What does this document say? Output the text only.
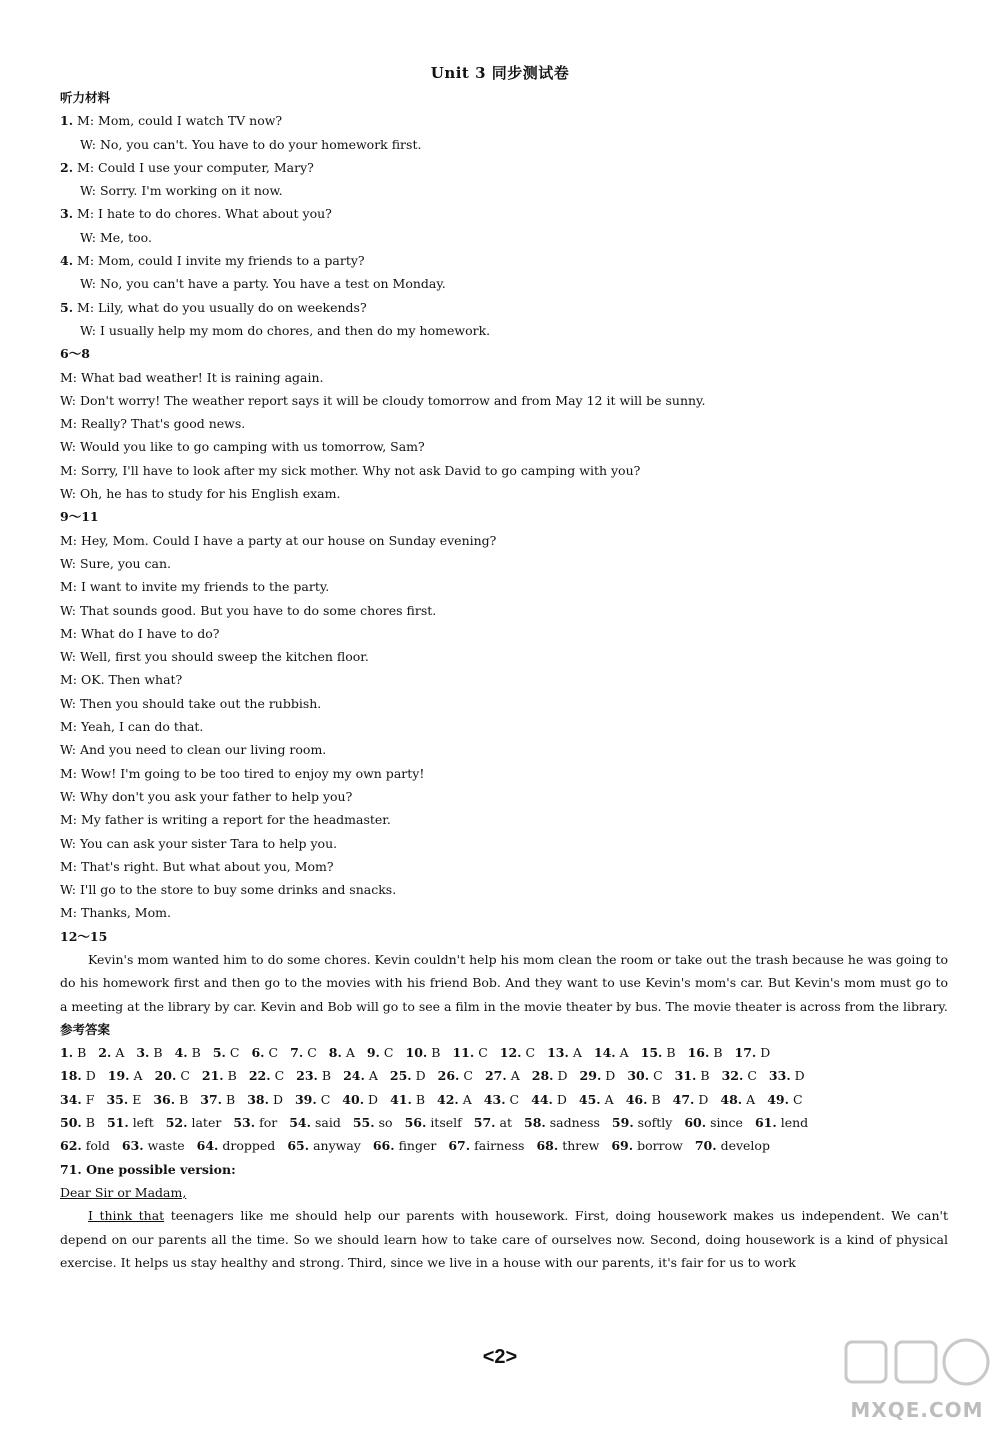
Unit 3 同步测试卷
听力材料
1. M: Mom, could I watch TV now?
W: No, you can't. You have to do your homework first.
2. M: Could I use your computer, Mary?
W: Sorry. I'm working on it now.
3. M: I hate to do chores. What about you?
W: Me, too.
4. M: Mom, could I invite my friends to a party?
W: No, you can't have a party. You have a test on Monday.
5. M: Lily, what do you usually do on weekends?
W: I usually help my mom do chores, and then do my homework.
6～8
M: What bad weather! It is raining again.
W: Don't worry! The weather report says it will be cloudy tomorrow and from May 12 it will be sunny.
M: Really? That's good news.
W: Would you like to go camping with us tomorrow, Sam?
M: Sorry, I'll have to look after my sick mother. Why not ask David to go camping with you?
W: Oh, he has to study for his English exam.
9～11
M: Hey, Mom. Could I have a party at our house on Sunday evening?
W: Sure, you can.
M: I want to invite my friends to the party.
W: That sounds good. But you have to do some chores first.
M: What do I have to do?
W: Well, first you should sweep the kitchen floor.
M: OK. Then what?
W: Then you should take out the rubbish.
M: Yeah, I can do that.
W: And you need to clean our living room.
M: Wow! I'm going to be too tired to enjoy my own party!
W: Why don't you ask your father to help you?
M: My father is writing a report for the headmaster.
W: You can ask your sister Tara to help you.
M: That's right. But what about you, Mom?
W: I'll go to the store to buy some drinks and snacks.
M: Thanks, Mom.
12～15

Kevin's mom wanted him to do some chores. Kevin couldn't help his mom clean the room or take out the trash because he was going to do his homework first and then go to the movies with his friend Bob. And they want to use Kevin's mom's car. But Kevin's mom must go to a meeting at the library by car. Kevin and Bob will go to see a film in the movie theater by bus. The movie theater is across from the library.

参考答案
1. B 2. A 3. B 4. B 5. C 6. C 7. C 8. A 9. C 10. B 11. C 12. C 13. A 14. A 15. B 16. B 17. D
18. D 19. A 20. C 21. B 22. C 23. B 24. A 25. D 26. C 27. A 28. D 29. D 30. C 31. B 32. C 33. D
34. F 35. E 36. B 37. B 38. D 39. C 40. D 41. B 42. A 43. C 44. D 45. A 46. B 47. D 48. A 49. C
50. B 51. left 52. later 53. for 54. said 55. so 56. itself 57. at 58. sadness 59. softly 60. since 61. lend
62. fold 63. waste 64. dropped 65. anyway 66. finger 67. fairness 68. threw 69. borrow 70. develop
71. One possible version:
Dear Sir or Madam,

I think that teenagers like me should help our parents with housework. First, doing housework makes us independent. We can't depend on our parents all the time. So we should learn how to take care of ourselves now. Second, doing housework is a kind of physical exercise. It helps us stay healthy and strong. Third, since we live in a house with our parents, it's fair for us to work

<2>
MXQE.COM
